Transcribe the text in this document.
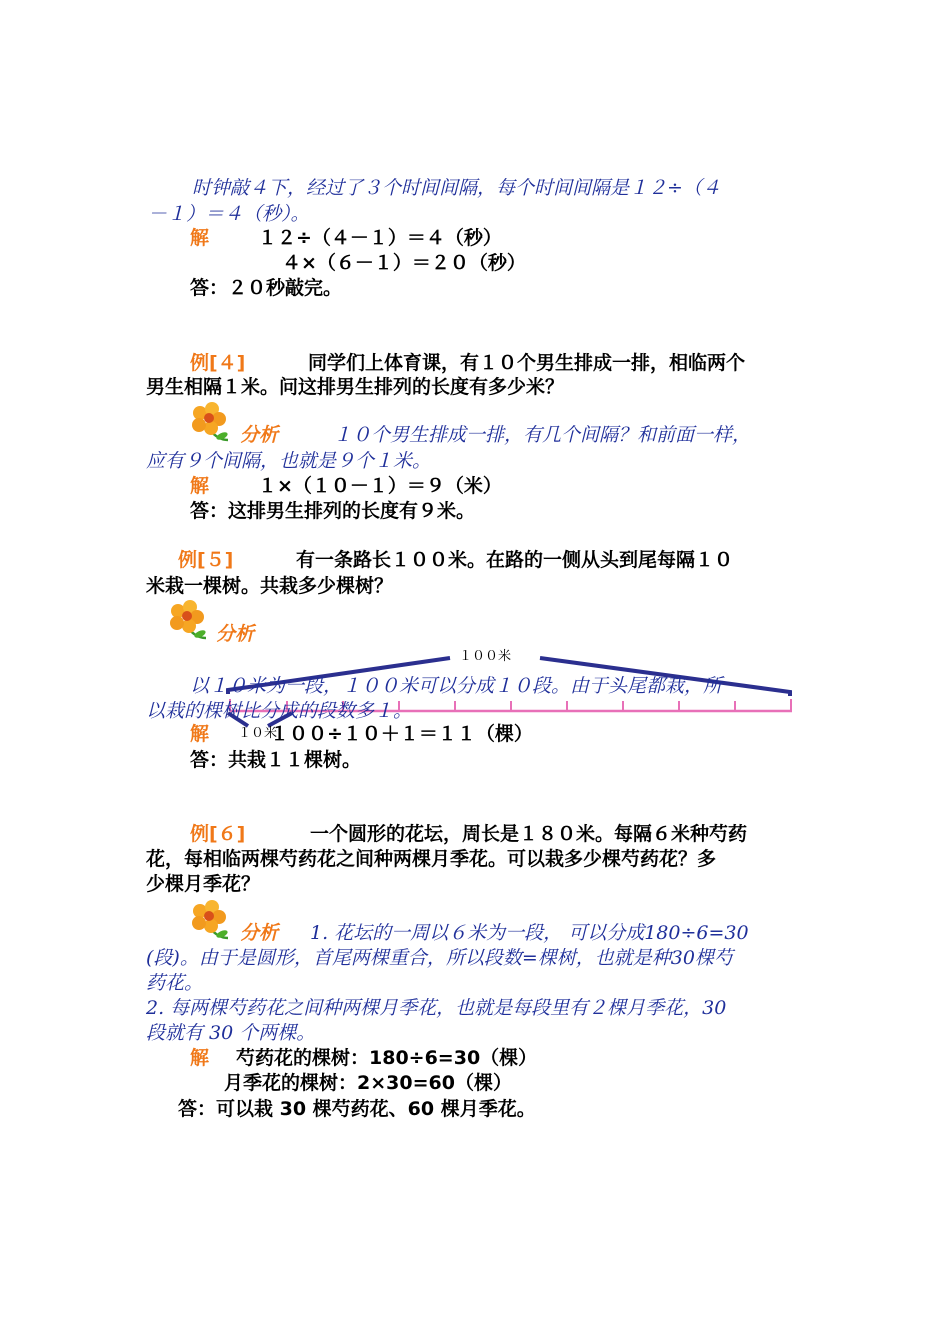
时钟敲４下，经过了３个时间间隔，每个时间间隔是１２÷（４
－１）＝４（秒）。
解	１２÷（４－１）＝４（秒）
４×（６－１）＝２０（秒）
答：２０秒敲完。
例[４]	同学们上体育课，有１０个男生排成一排，相临两个
男生相隔１米。问这排男生排列的长度有多少米？
分析	１０个男生排成一排，有几个间隔？和前面一样，
应有９个间隔，也就是９个１米。
解	１×（１０－１）＝９（米）
答：这排男生排列的长度有９米。
例[５]	有一条路长１００米。在路的一侧从头到尾每隔１０
米栽一棵树。共栽多少棵树？
分析
１００米
１０米
以１０米为一段，１００米可以分成１０段。由于头尾都栽，所
以栽的棵树比分成的段数多１。
解	１００÷１０＋１＝１１（棵）
答：共栽１１棵树。
例[６]	一个圆形的花坛，周长是１８０米。每隔６米种芍药
花，每相临两棵芍药花之间种两棵月季花。可以栽多少棵芍药花？多
少棵月季花？
分析 1. 花坛的一周以６米为一段， 可以分成180÷6=30
(段)。由于是圆形，首尾两棵重合，所以段数=棵树，也就是种30棵芍
药花。
2. 每两棵芍药花之间种两棵月季花，也就是每段里有２棵月季花，30
段就有 30 个两棵。
解 芍药花的棵树：180÷6=30（棵）
月季花的棵树：2×30=60（棵）
答：可以栽 30 棵芍药花、60 棵月季花。
